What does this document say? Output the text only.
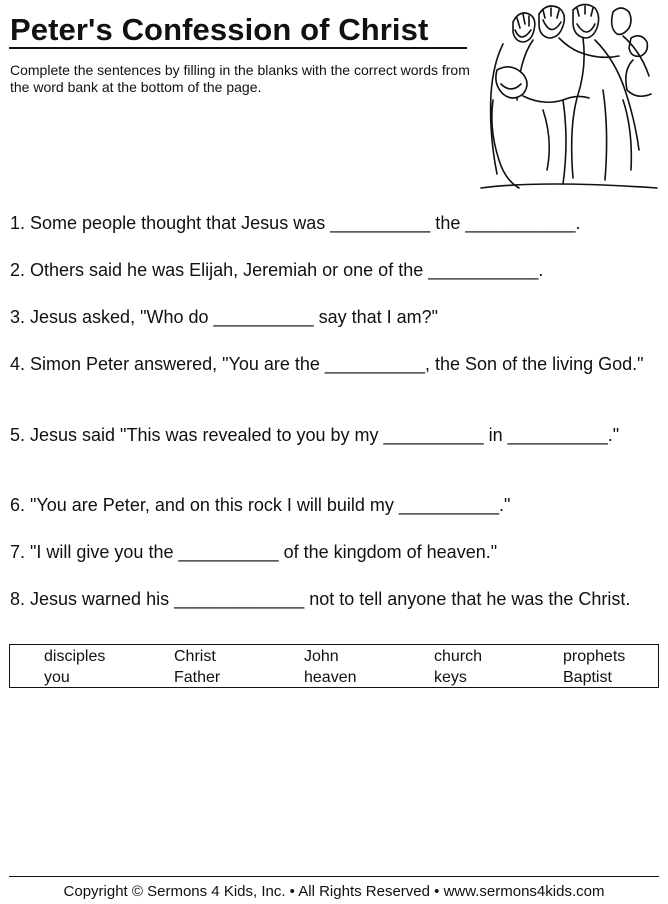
Peter's Confession of Christ
Complete the sentences by filling in the blanks with the correct words from the word bank at the bottom of the page.
1. Some people thought that Jesus was __________ the ___________.
2. Others said he was Elijah, Jeremiah or one of the ___________.
3. Jesus asked, "Who do __________ say that I am?"
4. Simon Peter answered, "You are the __________, the Son of the living God."
5. Jesus said "This was revealed to you by my __________ in __________."
6. "You are Peter, and on this rock I will build my __________."
7. "I will give you the __________ of the kingdom of heaven."
8. Jesus warned his _____________ not to tell anyone that he was the Christ.
disciples	Christ	John	church	prophets
you	Father	heaven	keys	Baptist
Copyright © Sermons 4 Kids, Inc. • All Rights Reserved • www.sermons4kids.com
